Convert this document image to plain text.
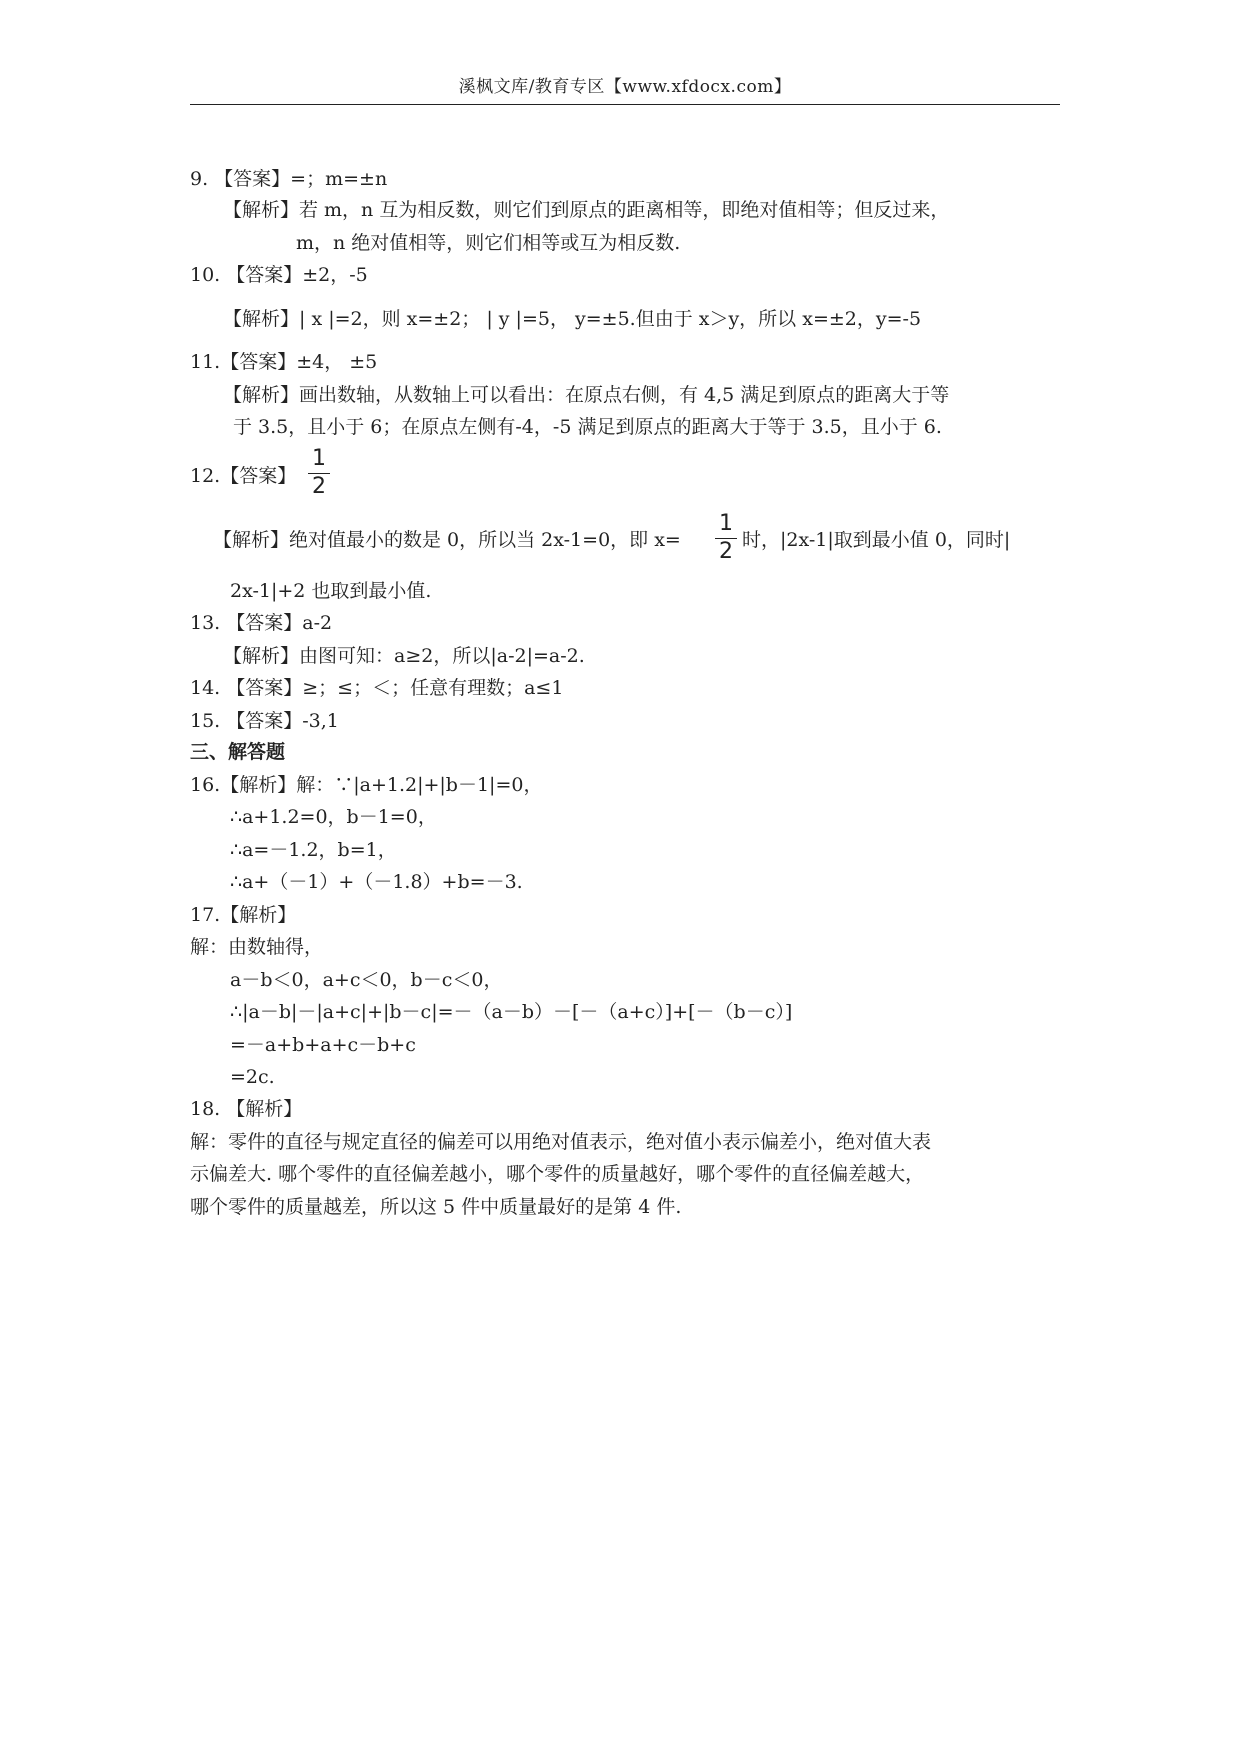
溪枫文库/教育专区【www.xfdocx.com】
9. 【答案】=；m=±n
【解析】若 m，n 互为相反数，则它们到原点的距离相等，即绝对值相等；但反过来，
m，n 绝对值相等，则它们相等或互为相反数.
10. 【答案】±2，-5
【解析】| x |=2，则 x=±2； | y |=5， y=±5.但由于 x＞y，所以 x=±2，y=-5
11.【答案】±4， ±5
【解析】画出数轴，从数轴上可以看出：在原点右侧，有 4,5 满足到原点的距离大于等
于 3.5，且小于 6；在原点左侧有-4，-5 满足到原点的距离大于等于 3.5，且小于 6.
12.【答案】
1
2
【解析】绝对值最小的数是 0，所以当 2x-1=0，即 x=
1
2 时，|2x-1|取到最小值 0，同时|
2x-1|+2 也取到最小值.
13. 【答案】a-2
【解析】由图可知：a≥2，所以|a-2|=a-2.
14. 【答案】≥；≤；＜；任意有理数；a≤1
15. 【答案】-3,1
三、解答题
16.【解析】解：∵|a+1.2|+|b－1|=0，
∴a+1.2=0，b－1=0，
∴a=－1.2，b=1，
∴a+（－1）+（－1.8）+b=－3.
17.【解析】
解：由数轴得，
a－b＜0，a+c＜0，b－c＜0，
∴|a－b|－|a+c|+|b－c|=－（a－b）－[－（a+c）]+[－（b－c）]
=－a+b+a+c－b+c
=2c.
18. 【解析】
解：零件的直径与规定直径的偏差可以用绝对值表示，绝对值小表示偏差小，绝对值大表
示偏差大. 哪个零件的直径偏差越小，哪个零件的质量越好，哪个零件的直径偏差越大，
哪个零件的质量越差，所以这 5 件中质量最好的是第 4 件.
